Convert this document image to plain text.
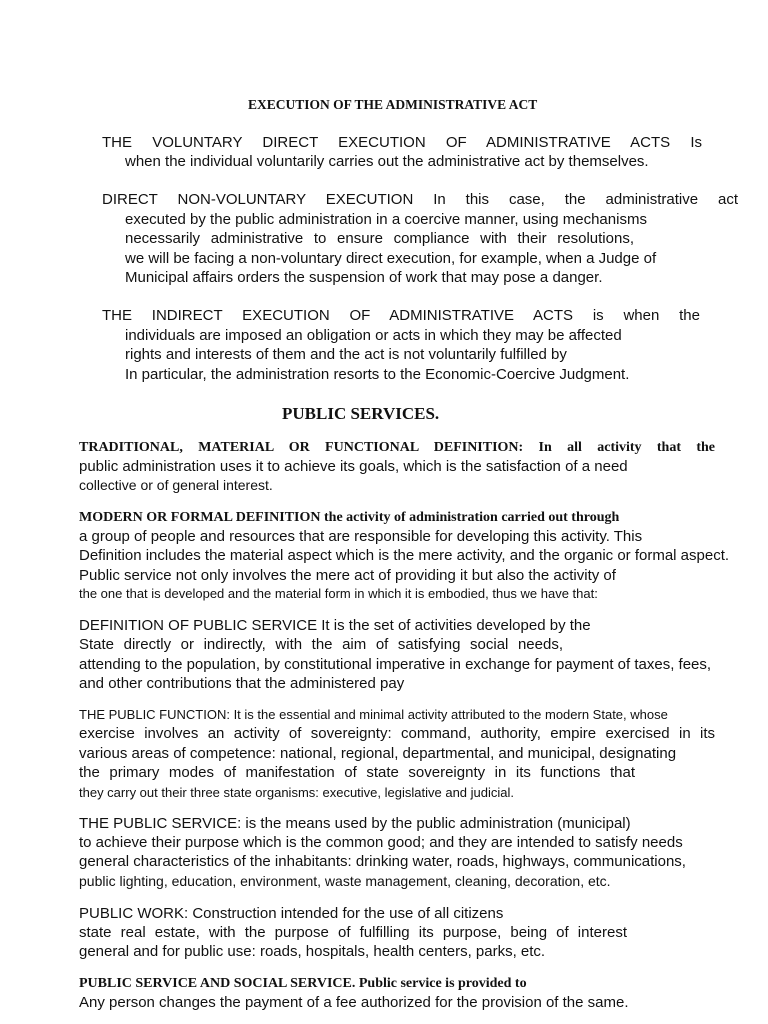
EXECUTION OF THE ADMINISTRATIVE ACT
THE VOLUNTARY DIRECT EXECUTION OF ADMINISTRATIVE ACTS Is
when the individual voluntarily carries out the administrative act by themselves.
DIRECT NON-VOLUNTARY EXECUTION In this case, the administrative act
executed by the public administration in a coercive manner, using mechanisms
necessarily administrative to ensure compliance with their resolutions,
we will be facing a non-voluntary direct execution, for example, when a Judge of
Municipal affairs orders the suspension of work that may pose a danger.
THE INDIRECT EXECUTION OF ADMINISTRATIVE ACTS is when the
individuals are imposed an obligation or acts in which they may be affected
rights and interests of them and the act is not voluntarily fulfilled by
In particular, the administration resorts to the Economic-Coercive Judgment.
PUBLIC SERVICES.
TRADITIONAL, MATERIAL OR FUNCTIONAL DEFINITION: In all activity that the
public administration uses it to achieve its goals, which is the satisfaction of a need
collective or of general interest.
MODERN OR FORMAL DEFINITION the activity of administration carried out through
a group of people and resources that are responsible for developing this activity. This
Definition includes the material aspect which is the mere activity, and the organic or formal aspect.
Public service not only involves the mere act of providing it but also the activity of
the one that is developed and the material form in which it is embodied, thus we have that:
DEFINITION OF PUBLIC SERVICE It is the set of activities developed by the
State directly or indirectly, with the aim of satisfying social needs,
attending to the population, by constitutional imperative in exchange for payment of taxes, fees,
and other contributions that the administered pay
THE PUBLIC FUNCTION: It is the essential and minimal activity attributed to the modern State, whose
exercise involves an activity of sovereignty: command, authority, empire exercised in its
various areas of competence: national, regional, departmental, and municipal, designating
the primary modes of manifestation of state sovereignty in its functions that
they carry out their three state organisms: executive, legislative and judicial.
THE PUBLIC SERVICE: is the means used by the public administration (municipal)
to achieve their purpose which is the common good; and they are intended to satisfy needs
general characteristics of the inhabitants: drinking water, roads, highways, communications,
public lighting, education, environment, waste management, cleaning, decoration, etc.
PUBLIC WORK: Construction intended for the use of all citizens
state real estate, with the purpose of fulfilling its purpose, being of interest
general and for public use: roads, hospitals, health centers, parks, etc.
PUBLIC SERVICE AND SOCIAL SERVICE. Public service is provided to
Any person changes the payment of a fee authorized for the provision of the same.
